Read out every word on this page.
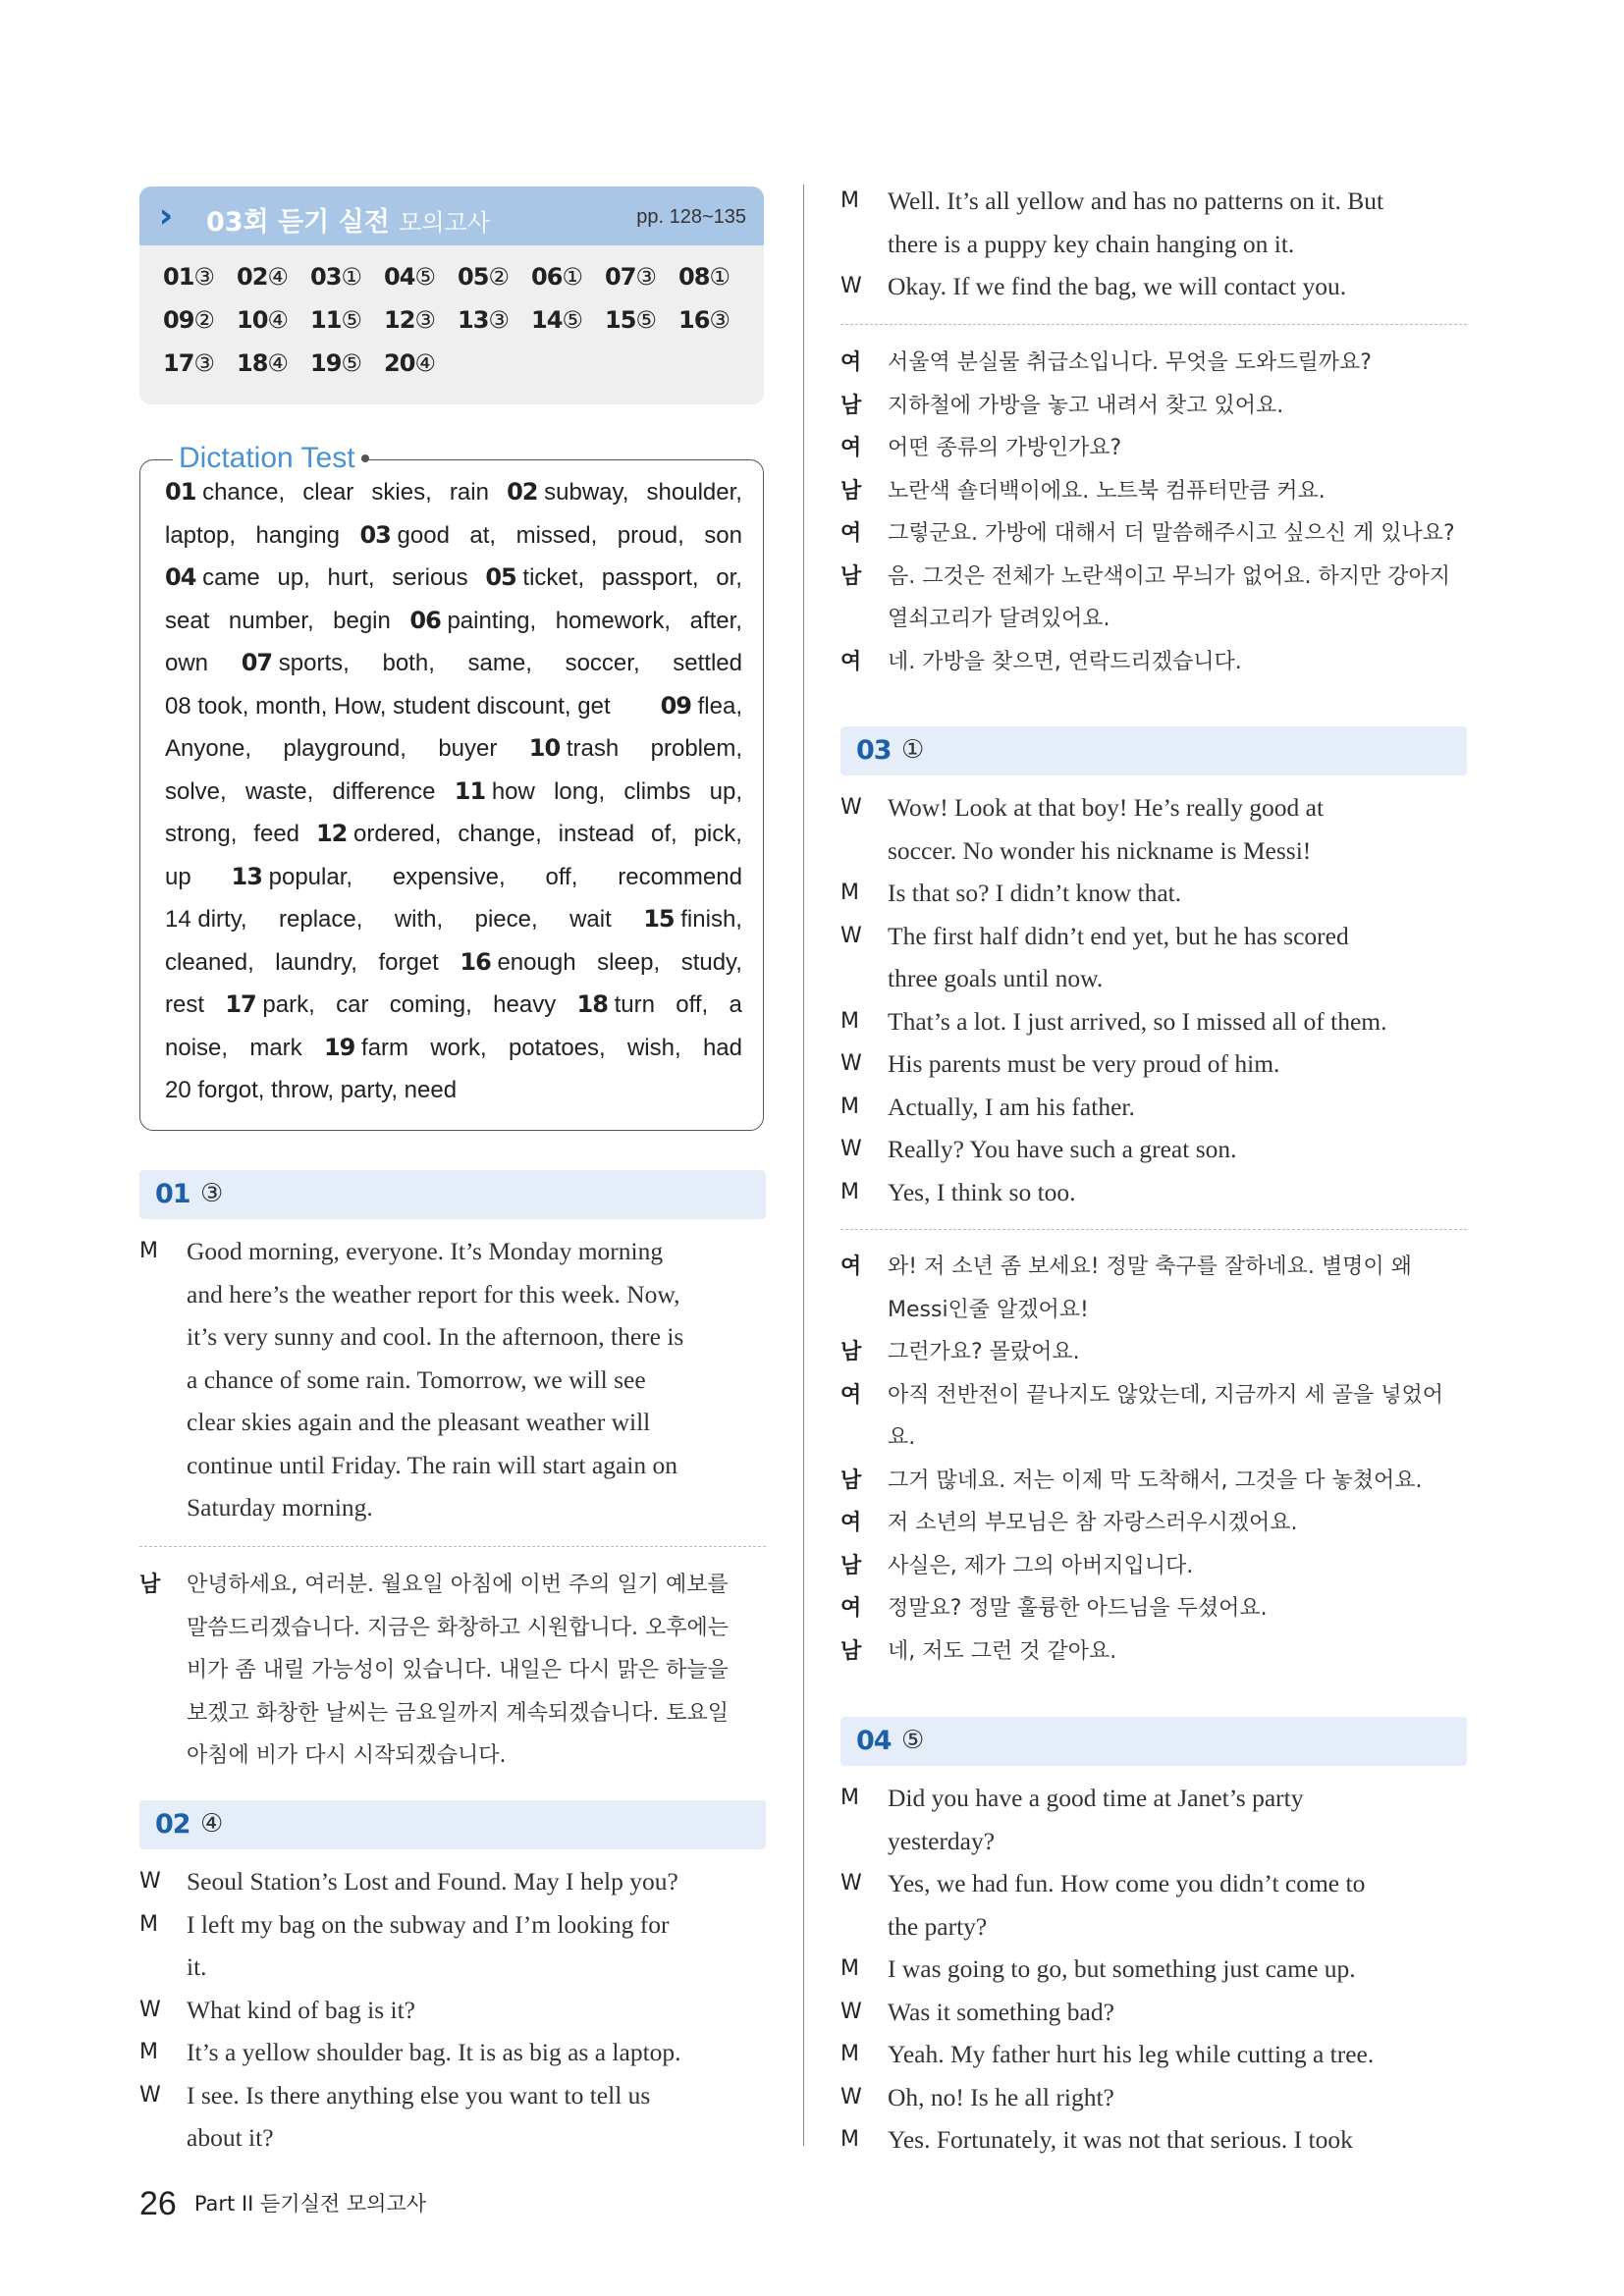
›› 03회 듣기 실전 모의고사	pp. 128~135
01③ 02④ 03① 04⑤ 05② 06① 07③ 08①
09② 10④ 11⑤ 12③ 13③ 14⑤ 15⑤ 16③
17③ 18④ 19⑤ 20④
01 chance, clear skies, rain 02 subway, shoulder,
laptop, hanging 03 good at, missed, proud, son
04 came up, hurt, serious 05 ticket, passport, or,
seat number, begin 06 painting, homework, after,
own 07 sports, both, same, soccer, settled
08 took, month, How, student discount, get 09 flea,
Anyone, playground, buyer 10 trash problem,
solve, waste, difference 11 how long, climbs up,
strong, feed 12 ordered, change, instead of, pick,
up 13 popular, expensive, off, recommend
14 dirty, replace, with, piece, wait 15 finish,
cleaned, laundry, forget 16 enough sleep, study,
rest 17 park, car coming, heavy 18 turn off, a
noise, mark 19 farm work, potatoes, wish, had
20 forgot, throw, party, need
Dictation Test
01 ③
M Good morning, everyone. It’s Monday morning
and here’s the weather report for this week. Now,
it’s very sunny and cool. In the afternoon, there is
a chance of some rain. Tomorrow, we will see
clear skies again and the pleasant weather will
continue until Friday. The rain will start again on
Saturday morning.
남 안녕하세요, 여러분. 월요일 아침에 이번 주의 일기 예보를
말씀드리겠습니다. 지금은 화창하고 시원합니다. 오후에는
비가 좀 내릴 가능성이 있습니다. 내일은 다시 맑은 하늘을
보겠고 화창한 날씨는 금요일까지 계속되겠습니다. 토요일
아침에 비가 다시 시작되겠습니다.
02 ④
W Seoul Station’s Lost and Found. May I help you?
M I left my bag on the subway and I’m looking for
it.
W What kind of bag is it?
M It’s a yellow shoulder bag. It is as big as a laptop.
W I see. Is there anything else you want to tell us
about it?
M Well. It’s all yellow and has no patterns on it. But
there is a puppy key chain hanging on it.
W Okay. If we find the bag, we will contact you.
여 서울역 분실물 취급소입니다. 무엇을 도와드릴까요?
남 지하철에 가방을 놓고 내려서 찾고 있어요.
여 어떤 종류의 가방인가요?
남 노란색 숄더백이에요. 노트북 컴퓨터만큼 커요.
여 그렇군요. 가방에 대해서 더 말씀해주시고 싶으신 게 있나요?
남 음. 그것은 전체가 노란색이고 무늬가 없어요. 하지만 강아지
열쇠고리가 달려있어요.
여 네. 가방을 찾으면, 연락드리겠습니다.
03 ①
W Wow! Look at that boy! He’s really good at
soccer. No wonder his nickname is Messi!
M Is that so? I didn’t know that.
W The first half didn’t end yet, but he has scored
three goals until now.
M That’s a lot. I just arrived, so I missed all of them.
W His parents must be very proud of him.
M Actually, I am his father.
W Really? You have such a great son.
M Yes, I think so too.
여 와! 저 소년 좀 보세요! 정말 축구를 잘하네요. 별명이 왜
Messi인줄 알겠어요!
남 그런가요? 몰랐어요.
여 아직 전반전이 끝나지도 않았는데, 지금까지 세 골을 넣었어
요.
남 그거 많네요. 저는 이제 막 도착해서, 그것을 다 놓쳤어요.
여 저 소년의 부모님은 참 자랑스러우시겠어요.
남 사실은, 제가 그의 아버지입니다.
여 정말요? 정말 훌륭한 아드님을 두셨어요.
남 네, 저도 그런 것 같아요.
04 ⑤
M Did you have a good time at Janet’s party
yesterday?
W Yes, we had fun. How come you didn’t come to
the party?
M I was going to go, but something just came up.
W Was it something bad?
M Yeah. My father hurt his leg while cutting a tree.
W Oh, no! Is he all right?
M Yes. Fortunately, it was not that serious. I took
26 Part II 듣기실전 모의고사
